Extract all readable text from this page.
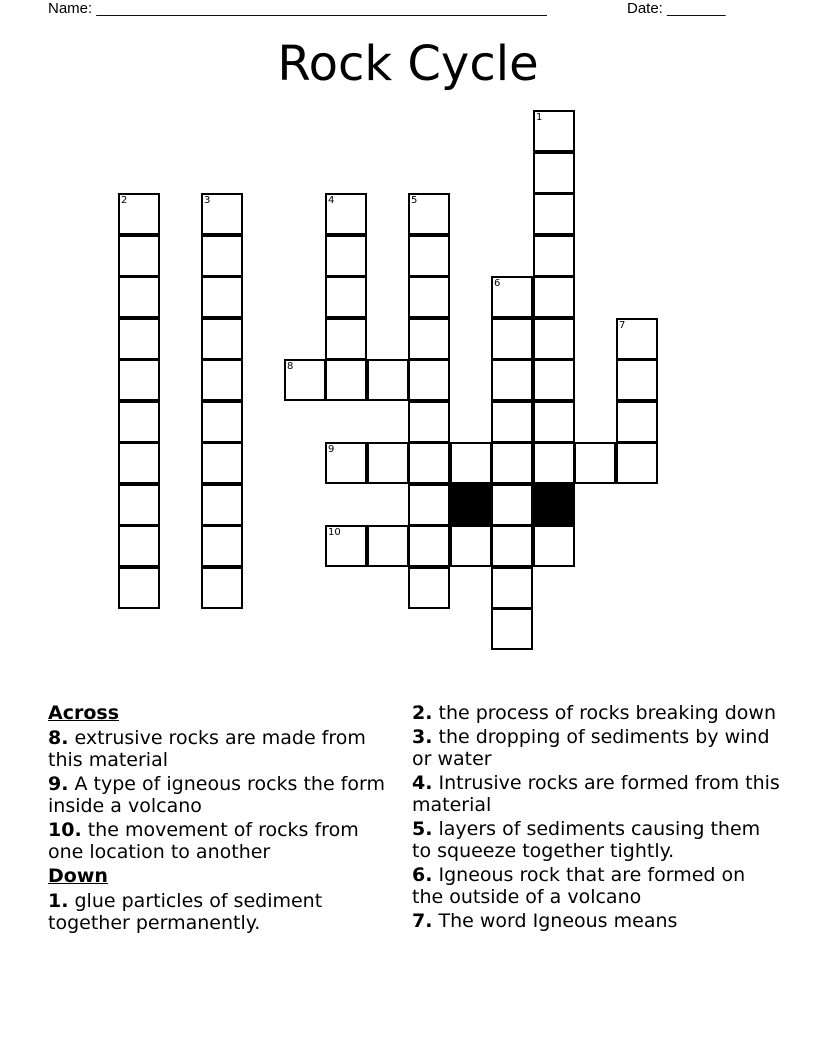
Name: ______________________________________________________	Date: _______
Rock Cycle
1
2	3	4	5
6
7
8
9
10
Across
8. extrusive rocks are made from this material
9. A type of igneous rocks the form inside a volcano
10. the movement of rocks from one location to another
Down
1. glue particles of sediment together permanently.
2. the process of rocks breaking down
3. the dropping of sediments by wind or water
4. Intrusive rocks are formed from this material
5. layers of sediments causing them to squeeze together tightly.
6. Igneous rock that are formed on the outside of a volcano
7. The word Igneous means
